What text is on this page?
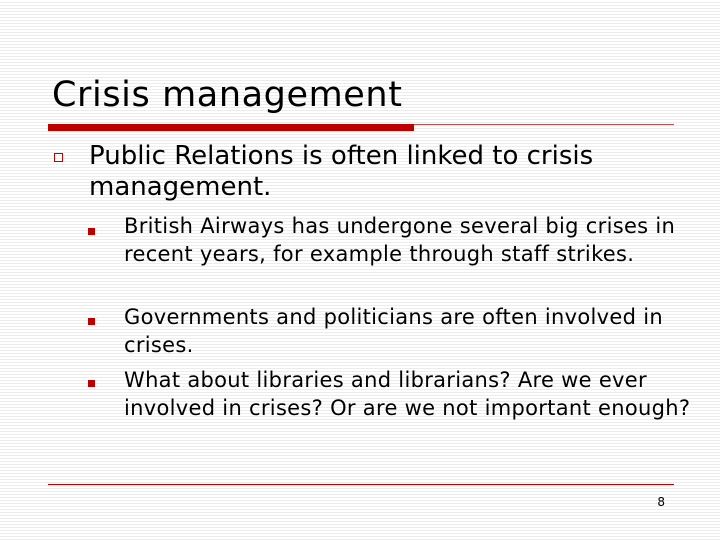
Crisis management
Public Relations is often linked to crisis management.
British Airways has undergone several big crises in recent years, for example through staff strikes.
Governments and politicians are often involved in crises.
What about libraries and librarians? Are we ever involved in crises? Or are we not important enough?
8
